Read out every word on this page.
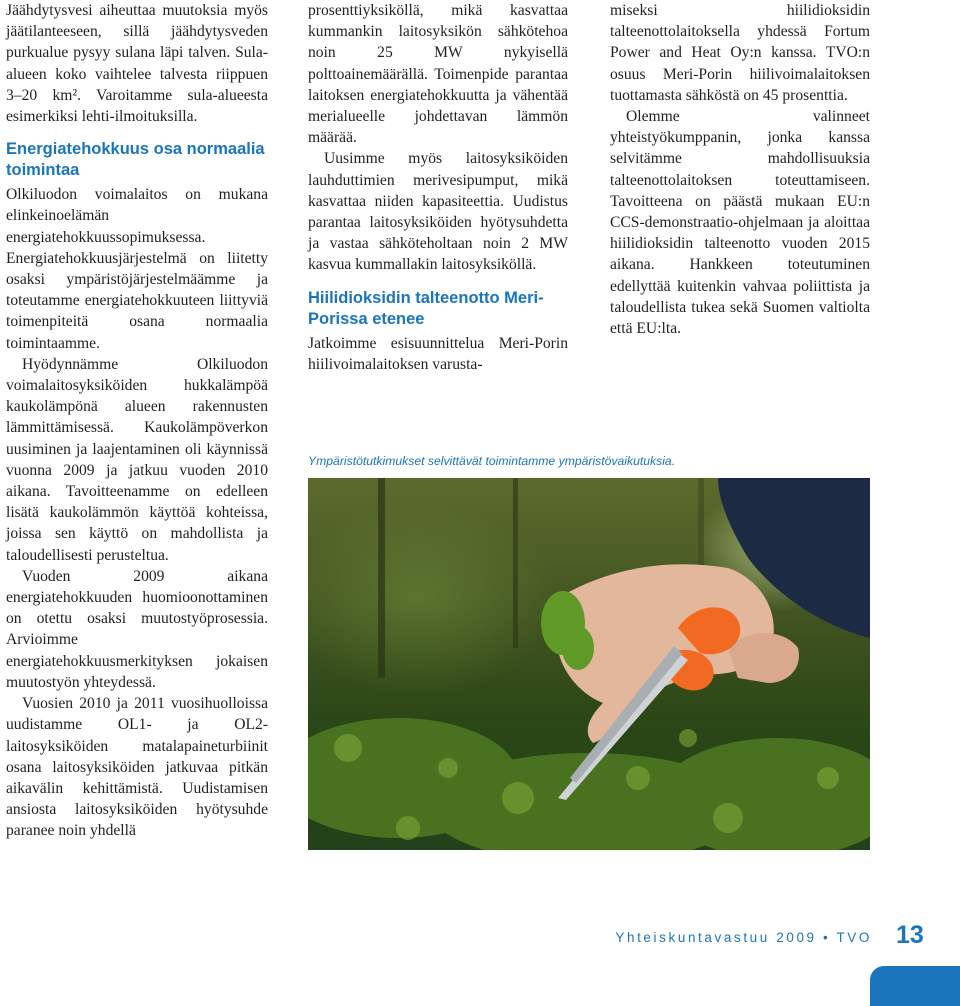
Jäähdytysvesi aiheuttaa muutoksia myös jäätilanteeseen, sillä jäähdytysveden purkualue pysyy sulana läpi talven. Sula-alueen koko vaihtelee talvesta riippuen 3–20 km². Varoitamme sula-alueesta esimerkiksi lehti-ilmoituksilla.

Energiatehokkuus osa normaalia toimintaa

Olkiluodon voimalaitos on mukana elinkeinoelämän energiatehokkuussopimuksessa. Energiatehokkuusjärjestelmä on liitetty osaksi ympäristöjärjestelmäämme ja toteutamme energiatehokkuuteen liittyviä toimenpiteitä osana normaalia toimintaamme.

Hyödynnämme Olkiluodon voimalaitosyksiköiden hukkalämpöä kaukolämpönä alueen rakennusten lämmittämisessä. Kaukolämpöverkon uusiminen ja laajentaminen oli käynnissä vuonna 2009 ja jatkuu vuoden 2010 aikana. Tavoitteenamme on edelleen lisätä kaukolämmön käyttöä kohteissa, joissa sen käyttö on mahdollista ja taloudellisesti perusteltua.

Vuoden 2009 aikana energiatehokkuuden huomioonottaminen on otettu osaksi muutostyöprosessia. Arvioimme energiatehokkuusmerkityksen jokaisen muutostyön yhteydessä.

Vuosien 2010 ja 2011 vuosihuolloissa uudistamme OL1- ja OL2-laitosyksiköiden matalapaineturbiinit osana laitosyksiköiden jatkuvaa pitkän aikavälin kehittämistä. Uudistamisen ansiosta laitosyksiköiden hyötysuhde paranee noin yhdellä

prosenttiyksiköllä, mikä kasvattaa kummankin laitosyksikön sähkötehoa noin 25 MW nykyisellä polttoainemäärällä. Toimenpide parantaa laitoksen energiatehokkuutta ja vähentää merialueelle johdettavan lämmön määrää.

Uusimme myös laitosyksiköiden lauhduttimien merivesipumput, mikä kasvattaa niiden kapasiteettia. Uudistus parantaa laitosyksiköiden hyötysuhdetta ja vastaa sähköteholtaan noin 2 MW kasvua kummallakin laitosyksiköllä.

Hiilidioksidin talteenotto Meri-Porissa etenee

Jatkoimme esisuunnittelua Meri-Porin hiilivoimalaitoksen varusta-

miseksi hiilidioksidin talteenottolaitoksella yhdessä Fortum Power and Heat Oy:n kanssa. TVO:n osuus Meri-Porin hiilivoimalaitoksen tuottamasta sähköstä on 45 prosenttia.

Olemme valinneet yhteistyökumppanin, jonka kanssa selvitämme mahdollisuuksia talteenottolaitoksen toteuttamiseen. Tavoitteena on päästä mukaan EU:n CCS-demonstraatio-ohjelmaan ja aloittaa hiilidioksidin talteenotto vuoden 2015 aikana. Hankkeen toteutuminen edellyttää kuitenkin vahvaa poliittista ja taloudellista tukea sekä Suomen valtiolta että EU:lta.

Ympäristötutkimukset selvittävät toimintamme ympäristövaikutuksia.
Yhteiskuntavastuu 2009 • TVO 13
